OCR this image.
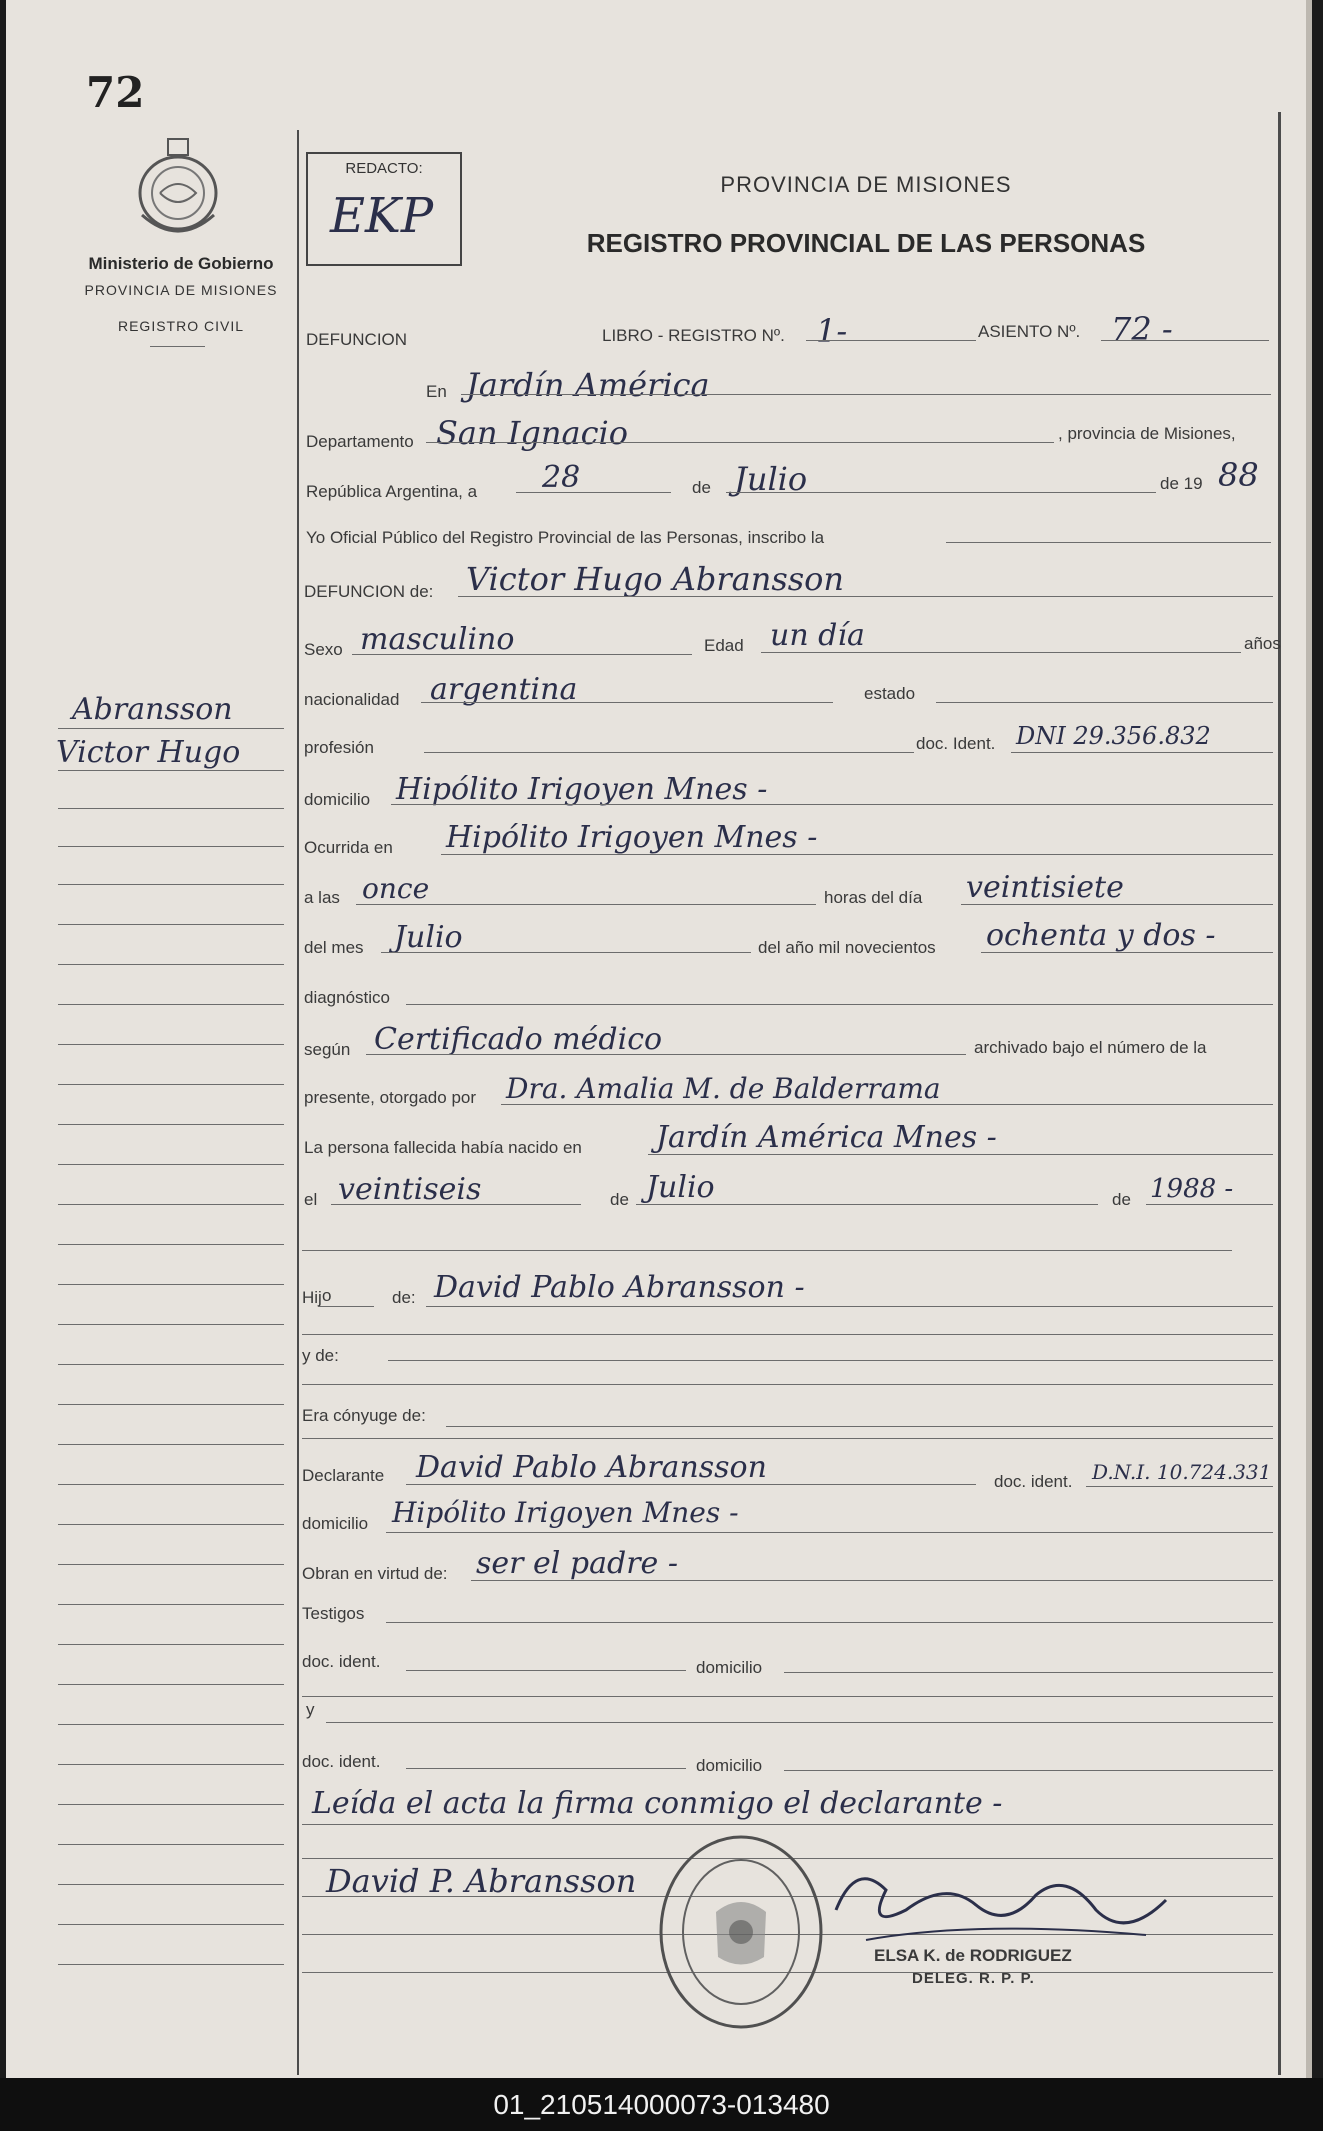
72
Ministerio de Gobierno
PROVINCIA DE MISIONES
REGISTRO CIVIL
Abransson
Victor Hugo
REDACTO:
EKP
PROVINCIA DE MISIONES
REGISTRO PROVINCIAL DE LAS PERSONAS
DEFUNCION	LIBRO - REGISTRO Nº. 1-	ASIENTO Nº. 72 -
En Jardín América
Departamento San Ignacio	, provincia de Misiones,
República Argentina, a 28	de Julio	de 19 88
Yo Oficial Público del Registro Provincial de las Personas, inscribo la
DEFUNCION de: Victor Hugo Abransson
Sexo masculino	Edad un día	años
nacionalidad argentina	estado
profesión	doc. Ident. DNI 29.356.832
domicilio Hipólito Irigoyen Mnes -
Ocurrida en Hipólito Irigoyen Mnes -
a las once	horas del día veintisiete
del mes Julio	del año mil novecientos ochenta y dos -
diagnóstico
según Certificado médico	archivado bajo el número de la
presente, otorgado por Dra. Amalia M. de Balderrama
La persona fallecida había nacido en Jardín América Mnes -
el veintiseis	de Julio	de 1988 -
Hij o	de: David Pablo Abransson -
y de:
Era cónyuge de:
Declarante David Pablo Abransson	doc. ident. D.N.I. 10.724.331
domicilio Hipólito Irigoyen Mnes -
Obran en virtud de: ser el padre -
Testigos
doc. ident.	domicilio
y
doc. ident.	domicilio
Leída el acta la firma conmigo el declarante -
David P. Abransson
ELSA K. de RODRIGUEZ
DELEG. R. P. P.
01_210514000073-013480
